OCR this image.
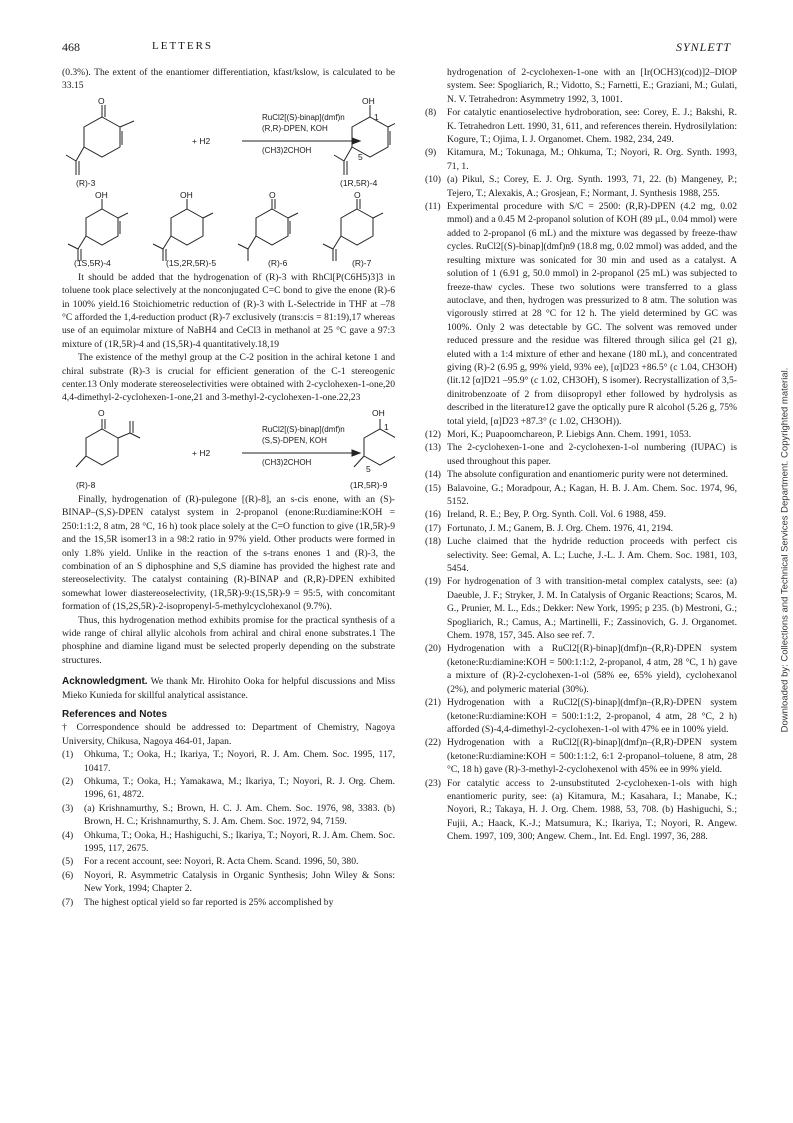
468	LETTERS	SYNLETT
Downloaded by: Collections and Technical Services Department. Copyrighted material.

(0.3%). The extent of the enantiomer differentiation, kfast/kslow, is calculated to be 33.15

O	OH
1
5
RuCl2[(S)-binap](dmf)n
(R,R)-DPEN, KOH
(CH3)2CHOH
+ H2
(R)-3	(1R,5R)-4
OH	OH	O	O
(1S,5R)-4	(1S,2R,5R)-5	(R)-6	(R)-7

It should be added that the hydrogenation of (R)-3 with RhCl[P(C6H5)3]3 in toluene took place selectively at the nonconjugated C=C bond to give the enone (R)-6 in 100% yield.16 Stoichiometric reduction of (R)-3 with L-Selectride in THF at –78 °C afforded the 1,4-reduction product (R)-7 exclusively (trans:cis = 81:19),17 whereas use of an equimolar mixture of NaBH4 and CeCl3 in methanol at 25 °C gave a 97:3 mixture of (1R,5R)-4 and (1S,5R)-4 quantitatively.18,19

The existence of the methyl group at the C-2 position in the achiral ketone 1 and chiral substrate (R)-3 is crucial for efficient generation of the C-1 stereogenic center.13 Only moderate stereoselectivities were obtained with 2-cyclohexen-1-one,20 4,4-dimethyl-2-cyclohexen-1-one,21 and 3-methyl-2-cyclohexen-1-one.22,23

O	OH
1
5
RuCl2[(S)-binap](dmf)n
(S,S)-DPEN, KOH
(CH3)2CHOH
+ H2
(R)-8	(1R,5R)-9

Finally, hydrogenation of (R)-pulegone [(R)-8], an s-cis enone, with an (S)-BINAP–(S,S)-DPEN catalyst system in 2-propanol (enone:Ru:diamine:KOH = 250:1:1:2, 8 atm, 28 °C, 16 h) took place solely at the C=O function to give (1R,5R)-9 and the 1S,5R isomer13 in a 98:2 ratio in 97% yield. Other products were formed in only 1.8% yield. Unlike in the reaction of the s-trans enones 1 and (R)-3, the combination of an S diphosphine and S,S diamine has provided the highest rate and stereoselectivity. The catalyst containing (R)-BINAP and (R,R)-DPEN exhibited somewhat lower diastereoselectivity, (1R,5R)-9:(1S,5R)-9 = 95:5, with concomitant formation of (1S,2S,5R)-2-isopropenyl-5-methylcyclohexanol (9.7%).

Thus, this hydrogenation method exhibits promise for the practical synthesis of a wide range of chiral allylic alcohols from achiral and chiral enone substrates.1 The phosphine and diamine ligand must be selected properly depending on the substrate structures.

Acknowledgment. We thank Mr. Hirohito Ooka for helpful discussions and Miss Mieko Kunieda for skillful analytical assistance.

References and Notes

† Correspondence should be addressed to: Department of Chemistry, Nagoya University, Chikusa, Nagoya 464-01, Japan.

(1) Ohkuma, T.; Ooka, H.; Ikariya, T.; Noyori, R. J. Am. Chem. Soc. 1995, 117, 10417.
(2) Ohkuma, T.; Ooka, H.; Yamakawa, M.; Ikariya, T.; Noyori, R. J. Org. Chem. 1996, 61, 4872.
(3) (a) Krishnamurthy, S.; Brown, H. C. J. Am. Chem. Soc. 1976, 98, 3383. (b) Brown, H. C.; Krishnamurthy, S. J. Am. Chem. Soc. 1972, 94, 7159.
(4) Ohkuma, T.; Ooka, H.; Hashiguchi, S.; Ikariya, T.; Noyori, R. J. Am. Chem. Soc. 1995, 117, 2675.
(5) For a recent account, see: Noyori, R. Acta Chem. Scand. 1996, 50, 380.
(6) Noyori, R. Asymmetric Catalysis in Organic Synthesis; John Wiley & Sons: New York, 1994; Chapter 2.
(7) The highest optical yield so far reported is 25% accomplished by

hydrogenation of 2-cyclohexen-1-one with an [Ir(OCH3)(cod)]2–DIOP system. See: Spogliarich, R.; Vidotto, S.; Farnetti, E.; Graziani, M.; Gulati, N. V. Tetrahedron: Asymmetry 1992, 3, 1001.

(8) For catalytic enantioselective hydroboration, see: Corey, E. J.; Bakshi, R. K. Tetrahedron Lett. 1990, 31, 611, and references therein. Hydrosilylation: Kogure, T.; Ojima, I. J. Organomet. Chem. 1982, 234, 249.
(9) Kitamura, M.; Tokunaga, M.; Ohkuma, T.; Noyori, R. Org. Synth. 1993, 71, 1.
(10) (a) Pikul, S.; Corey, E. J. Org. Synth. 1993, 71, 22. (b) Mangeney, P.; Tejero, T.; Alexakis, A.; Grosjean, F.; Normant, J. Synthesis 1988, 255.
(11) Experimental procedure with S/C = 2500: (R,R)-DPEN (4.2 mg, 0.02 mmol) and a 0.45 M 2-propanol solution of KOH (89 µL, 0.04 mmol) were added to 2-propanol (6 mL) and the mixture was degassed by freeze-thaw cycles. RuCl2[(S)-binap](dmf)n9 (18.8 mg, 0.02 mmol) was added, and the resulting mixture was sonicated for 30 min and used as a catalyst. A solution of 1 (6.91 g, 50.0 mmol) in 2-propanol (25 mL) was subjected to freeze-thaw cycles. These two solutions were transferred to a glass autoclave, and then, hydrogen was pressurized to 8 atm. The solution was vigorously stirred at 28 °C for 12 h. The yield determined by GC was 100%. Only 2 was detectable by GC. The solvent was removed under reduced pressure and the residue was filtered through silica gel (21 g), eluted with a 1:4 mixture of ether and hexane (180 mL), and concentrated giving (R)-2 (6.95 g, 99% yield, 93% ee), [α]D23 +86.5° (c 1.04, CH3OH) (lit.12 [α]D21 –95.9° (c 1.02, CH3OH), S isomer). Recrystallization of 3,5-dinitrobenzoate of 2 from diisopropyl ether followed by hydrolysis as described in the literature12 gave the optically pure R alcohol (5.26 g, 75% total yield, [α]D23 +87.3° (c 1.02, CH3OH)).
(12) Mori, K.; Puapoomchareon, P. Liebigs Ann. Chem. 1991, 1053.
(13) The 2-cyclohexen-1-one and 2-cyclohexen-1-ol numbering (IUPAC) is used throughout this paper.
(14) The absolute configuration and enantiomeric purity were not determined.
(15) Balavoine, G.; Moradpour, A.; Kagan, H. B. J. Am. Chem. Soc. 1974, 96, 5152.
(16) Ireland, R. E.; Bey, P. Org. Synth. Coll. Vol. 6 1988, 459.
(17) Fortunato, J. M.; Ganem, B. J. Org. Chem. 1976, 41, 2194.
(18) Luche claimed that the hydride reduction proceeds with perfect cis selectivity. See: Gemal, A. L.; Luche, J.-L. J. Am. Chem. Soc. 1981, 103, 5454.
(19) For hydrogenation of 3 with transition-metal complex catalysts, see: (a) Daeuble, J. F.; Stryker, J. M. In Catalysis of Organic Reactions; Scaros, M. G., Prunier, M. L., Eds.; Dekker: New York, 1995; p 235. (b) Mestroni, G.; Spogliarich, R.; Camus, A.; Martinelli, F.; Zassinovich, G. J. Organomet. Chem. 1978, 157, 345. Also see ref. 7.
(20) Hydrogenation with a RuCl2[(R)-binap](dmf)n–(R,R)-DPEN system (ketone:Ru:diamine:KOH = 500:1:1:2, 2-propanol, 4 atm, 28 °C, 1 h) gave a mixture of (R)-2-cyclohexen-1-ol (58% ee, 65% yield), cyclohexanol (2%), and polymeric material (30%).
(21) Hydrogenation with a RuCl2[(S)-binap](dmf)n–(R,R)-DPEN system (ketone:Ru:diamine:KOH = 500:1:1:2, 2-propanol, 4 atm, 28 °C, 2 h) afforded (S)-4,4-dimethyl-2-cyclohexen-1-ol with 47% ee in 100% yield.
(22) Hydrogenation with a RuCl2[(R)-binap](dmf)n–(R,R)-DPEN system (ketone:Ru:diamine:KOH = 500:1:1:2, 6:1 2-propanol–toluene, 8 atm, 28 °C, 18 h) gave (R)-3-methyl-2-cyclohexenol with 45% ee in 99% yield.
(23) For catalytic access to 2-unsubstituted 2-cyclohexen-1-ols with high enantiomeric purity, see: (a) Kitamura, M.; Kasahara, I.; Manabe, K.; Noyori, R.; Takaya, H. J. Org. Chem. 1988, 53, 708. (b) Hashiguchi, S.; Fujii, A.; Haack, K.-J.; Matsumura, K.; Ikariya, T.; Noyori, R. Angew. Chem. 1997, 109, 300; Angew. Chem., Int. Ed. Engl. 1997, 36, 288.
